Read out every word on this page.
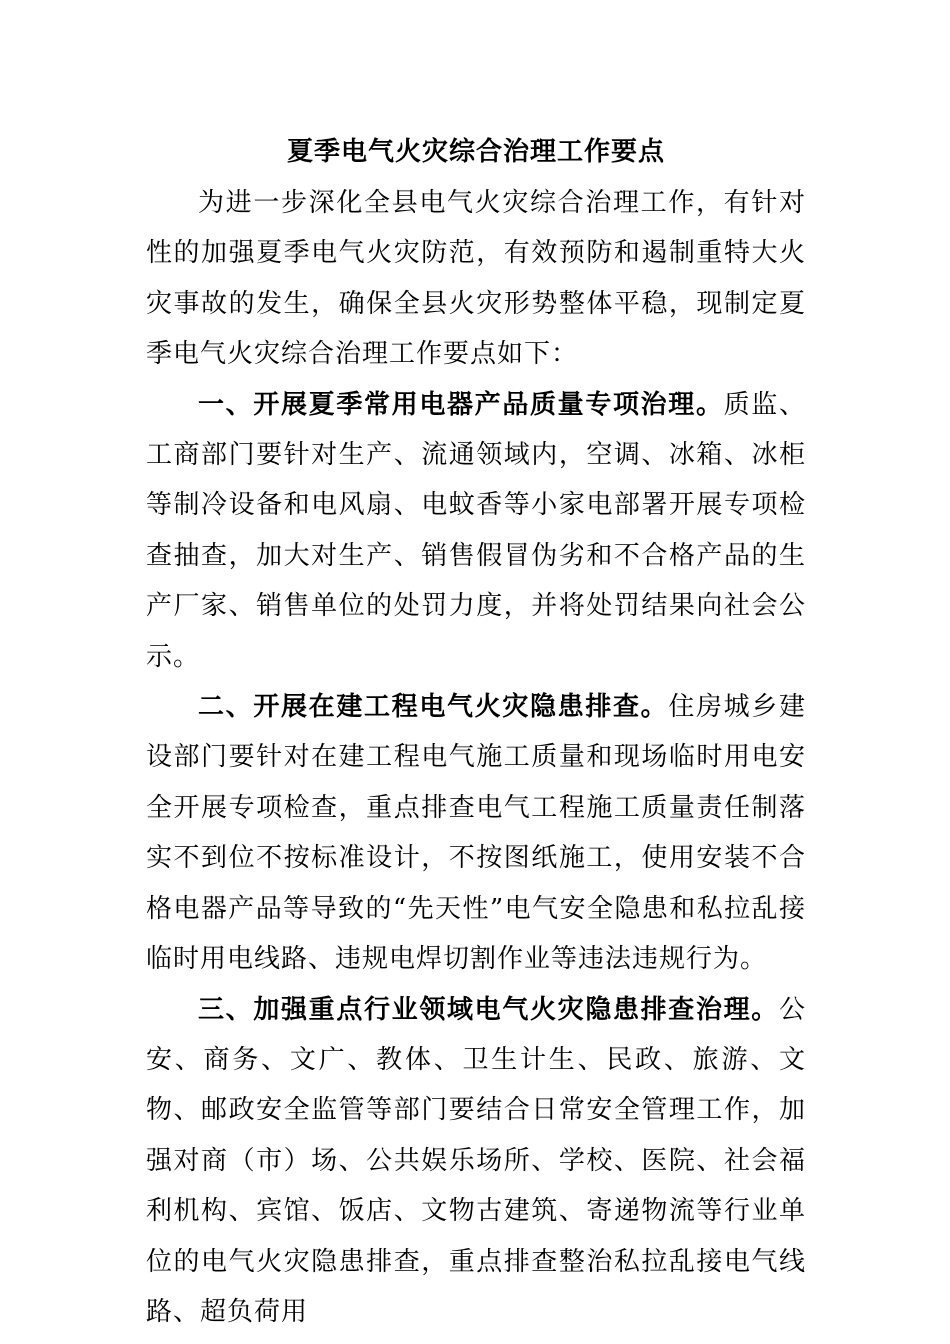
夏季电气火灾综合治理工作要点

为进一步深化全县电气火灾综合治理工作，有针对性的加强夏季电气火灾防范，有效预防和遏制重特大火灾事故的发生，确保全县火灾形势整体平稳，现制定夏季电气火灾综合治理工作要点如下：

一、开展夏季常用电器产品质量专项治理。质监、工商部门要针对生产、流通领域内，空调、冰箱、冰柜等制冷设备和电风扇、电蚊香等小家电部署开展专项检查抽查，加大对生产、销售假冒伪劣和不合格产品的生产厂家、销售单位的处罚力度，并将处罚结果向社会公示。

二、开展在建工程电气火灾隐患排查。住房城乡建设部门要针对在建工程电气施工质量和现场临时用电安全开展专项检查，重点排查电气工程施工质量责任制落实不到位不按标准设计，不按图纸施工，使用安装不合格电器产品等导致的“先天性”电气安全隐患和私拉乱接临时用电线路、违规电焊切割作业等违法违规行为。

三、加强重点行业领域电气火灾隐患排查治理。公安、商务、文广、教体、卫生计生、民政、旅游、文物、邮政安全监管等部门要结合日常安全管理工作，加强对商（市）场、公共娱乐场所、学校、医院、社会福利机构、宾馆、饭店、文物古建筑、寄递物流等行业单位的电气火灾隐患排查，重点排查整治私拉乱接电气线路、超负荷用
